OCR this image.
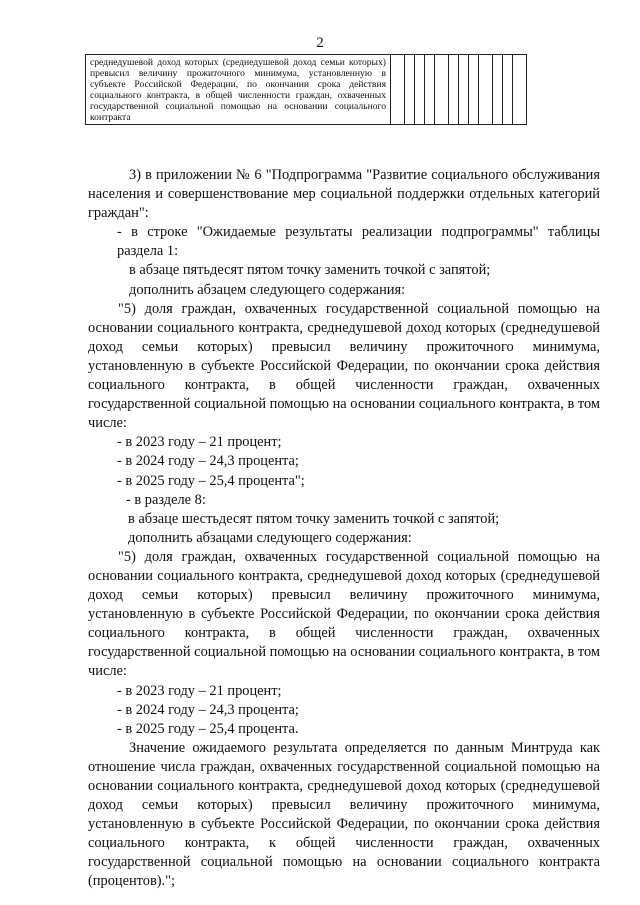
2
среднедушевой доход которых (среднедушевой доход семьи которых) превысил величину прожиточного минимума, установленную в субъекте Российской Федерации, по окончании срока действия социального контракта, в общей численности граждан, охваченных государственной социальной помощью на основании социального контракта												

3) в приложении № 6 "Подпрограмма "Развитие социального обслуживания населения и совершенствование мер социальной поддержки отдельных категорий граждан":

- в строке "Ожидаемые результаты реализации подпрограммы" таблицы раздела 1:

в абзаце пятьдесят пятом точку заменить точкой с запятой;

дополнить абзацем следующего содержания:

"5) доля граждан, охваченных государственной социальной помощью на основании социального контракта, среднедушевой доход которых (среднедушевой доход семьи которых) превысил величину прожиточного минимума, установленную в субъекте Российской Федерации, по окончании срока действия социального контракта, в общей численности граждан, охваченных государственной социальной помощью на основании социального контракта, в том числе:

- в 2023 году – 21 процент;

- в 2024 году – 24,3 процента;

- в 2025 году – 25,4 процента";

- в разделе 8:

в абзаце шестьдесят пятом точку заменить точкой с запятой;

дополнить абзацами следующего содержания:

"5) доля граждан, охваченных государственной социальной помощью на основании социального контракта, среднедушевой доход которых (среднедушевой доход семьи которых) превысил величину прожиточного минимума, установленную в субъекте Российской Федерации, по окончании срока действия социального контракта, в общей численности граждан, охваченных государственной социальной помощью на основании социального контракта, в том числе:

- в 2023 году – 21 процент;

- в 2024 году – 24,3 процента;

- в 2025 году – 25,4 процента.

Значение ожидаемого результата определяется по данным Минтруда как отношение числа граждан, охваченных государственной социальной помощью на основании социального контракта, среднедушевой доход которых (среднедушевой доход семьи которых) превысил величину прожиточного минимума, установленную в субъекте Российской Федерации, по окончании срока действия социального контракта, к общей численности граждан, охваченных государственной социальной помощью на основании социального контракта (процентов).";
